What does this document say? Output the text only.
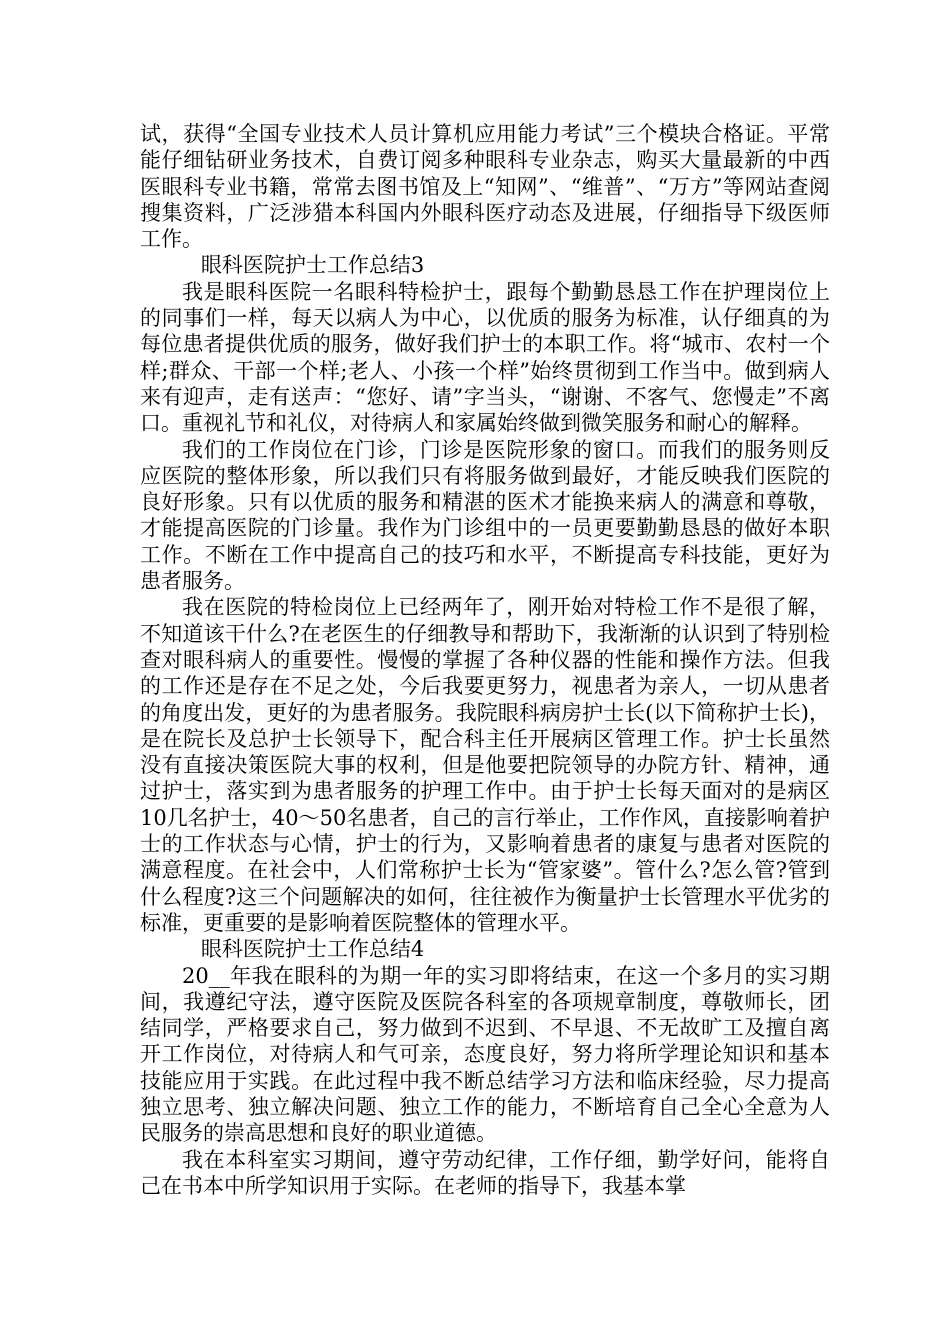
试，获得“全国专业技术人员计算机应用能力考试”三个模块合格证。平常能仔细钻研业务技术，自费订阅多种眼科专业杂志，购买大量最新的中西医眼科专业书籍，常常去图书馆及上“知网”、“维普”、“万方”等网站查阅搜集资料，广泛涉猎本科国内外眼科医疗动态及进展，仔细指导下级医师工作。

眼科医院护士工作总结3

我是眼科医院一名眼科特检护士，跟每个勤勤恳恳工作在护理岗位上的同事们一样，每天以病人为中心，以优质的服务为标准，认仔细真的为每位患者提供优质的服务，做好我们护士的本职工作。将“城市、农村一个样;群众、干部一个样;老人、小孩一个样”始终贯彻到工作当中。做到病人来有迎声，走有送声：“您好、请”字当头，“谢谢、不客气、您慢走”不离口。重视礼节和礼仪，对待病人和家属始终做到微笑服务和耐心的解释。

我们的工作岗位在门诊，门诊是医院形象的窗口。而我们的服务则反应医院的整体形象，所以我们只有将服务做到最好，才能反映我们医院的良好形象。只有以优质的服务和精湛的医术才能换来病人的满意和尊敬，才能提高医院的门诊量。我作为门诊组中的一员更要勤勤恳恳的做好本职工作。不断在工作中提高自己的技巧和水平，不断提高专科技能，更好为患者服务。

我在医院的特检岗位上已经两年了，刚开始对特检工作不是很了解，不知道该干什么?在老医生的仔细教导和帮助下，我渐渐的认识到了特别检查对眼科病人的重要性。慢慢的掌握了各种仪器的性能和操作方法。但我的工作还是存在不足之处，今后我要更努力，视患者为亲人，一切从患者的角度出发，更好的为患者服务。我院眼科病房护士长(以下简称护士长)，是在院长及总护士长领导下，配合科主任开展病区管理工作。护士长虽然没有直接决策医院大事的权利，但是他要把院领导的办院方针、精神，通过护士，落实到为患者服务的护理工作中。由于护士长每天面对的是病区10几名护士，40～50名患者，自己的言行举止，工作作风，直接影响着护士的工作状态与心情，护士的行为，又影响着患者的康复与患者对医院的满意程度。在社会中，人们常称护士长为“管家婆”。管什么?怎么管?管到什么程度?这三个问题解决的如何，往往被作为衡量护士长管理水平优劣的标准，更重要的是影响着医院整体的管理水平。

眼科医院护士工作总结4

20__年我在眼科的为期一年的实习即将结束，在这一个多月的实习期间，我遵纪守法，遵守医院及医院各科室的各项规章制度，尊敬师长，团结同学，严格要求自己，努力做到不迟到、不早退、不无故旷工及擅自离开工作岗位，对待病人和气可亲，态度良好，努力将所学理论知识和基本技能应用于实践。在此过程中我不断总结学习方法和临床经验，尽力提高独立思考、独立解决问题、独立工作的能力，不断培育自己全心全意为人民服务的崇高思想和良好的职业道德。

我在本科室实习期间，遵守劳动纪律，工作仔细，勤学好问，能将自己在书本中所学知识用于实际。在老师的指导下，我基本掌
